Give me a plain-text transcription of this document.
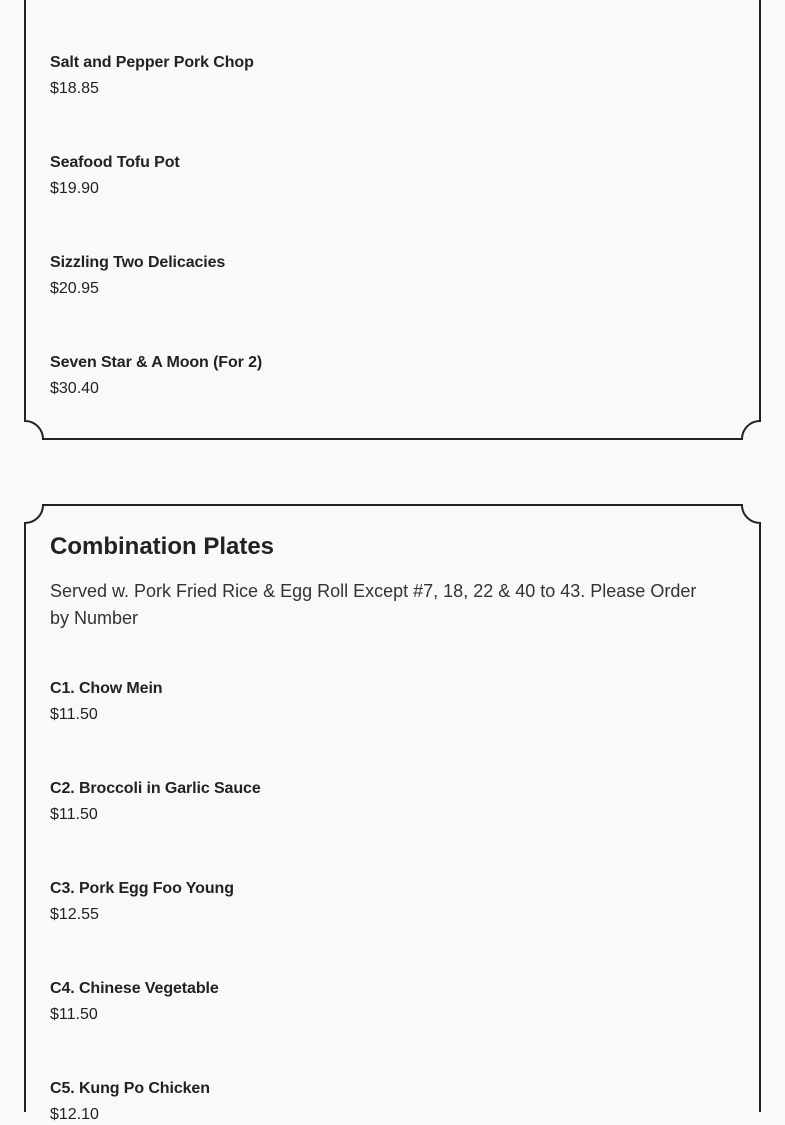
Salt and Pepper Pork Chop
$18.85
Seafood Tofu Pot
$19.90
Sizzling Two Delicacies
$20.95
Seven Star & A Moon (For 2)
$30.40
Combination Plates

Served w. Pork Fried Rice & Egg Roll Except #7, 18, 22 & 40 to 43. Please Order by Number

C1. Chow Mein
$11.50
C2. Broccoli in Garlic Sauce
$11.50
C3. Pork Egg Foo Young
$12.55
C4. Chinese Vegetable
$11.50
C5. Kung Po Chicken
$12.10
